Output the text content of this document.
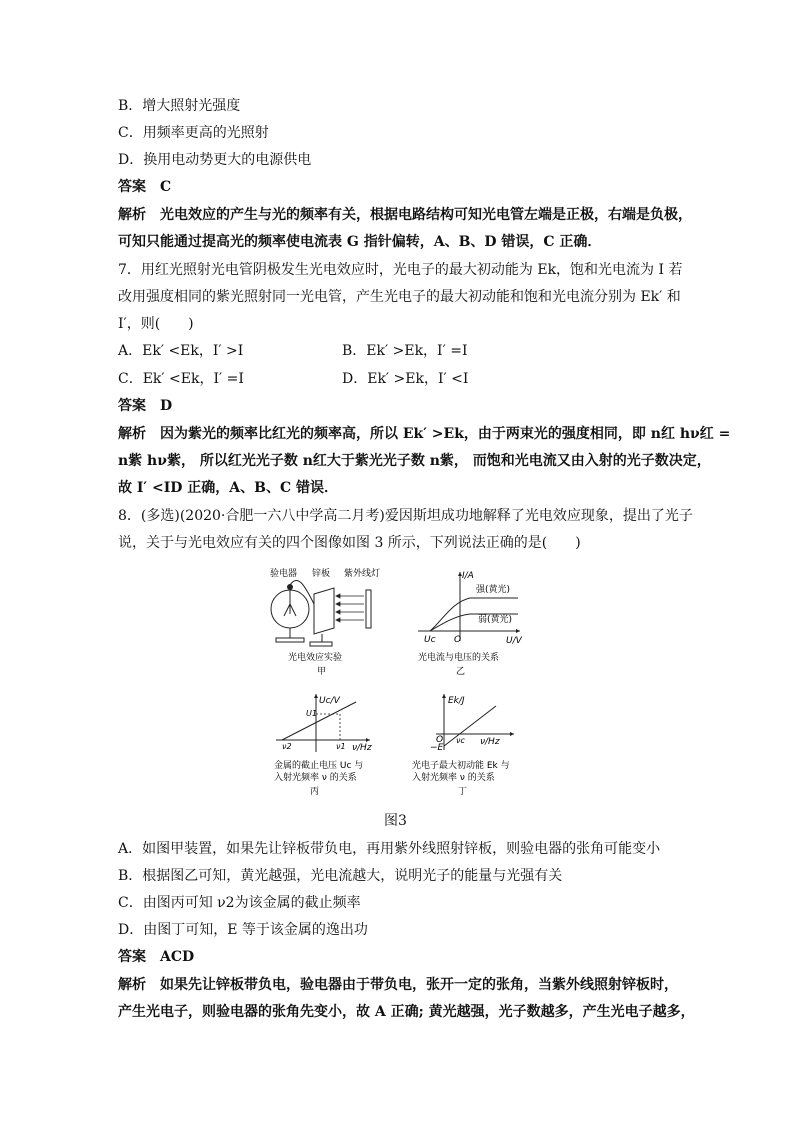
B．增大照射光强度
C．用频率更高的光照射
D．换用电动势更大的电源供电
答案　C
解析　光电效应的产生与光的频率有关，根据电路结构可知光电管左端是正极，右端是负极，
可知只能通过提高光的频率使电流表 G 指针偏转，A、B、D 错误，C 正确．
7．用红光照射光电管阴极发生光电效应时，光电子的最大初动能为 Ek，饱和光电流为 I 若
改用强度相同的紫光照射同一光电管，产生光电子的最大初动能和饱和光电流分别为 Ek′ 和
I′，则(　　)
A．Ek′ <Ek，I′ >I	B．Ek′ >Ek，I′ =I
C．Ek′ <Ek，I′ =I	D．Ek′ >Ek，I′ <I
答案　D
解析　因为紫光的频率比红光的频率高，所以 Ek′ >Ek，由于两束光的强度相同，即 n红 hν红 =
n紫 hν紫， 所以红光光子数 n红大于紫光光子数 n紫， 而饱和光电流又由入射的光子数决定，
故 I′ <ID 正确，A、B、C 错误．
8．(多选)(2020·合肥一六八中学高二月考)爱因斯坦成功地解释了光电效应现象，提出了光子
说，关于与光电效应有关的四个图像如图 3 所示，下列说法正确的是(　　)
验电器 锌板 紫外线灯
光电效应实验
甲
I/A
U/V
O
Uc
强(黄光)
弱(黄光)
光电流与电压的关系
乙
Uc/V
U1
ν1
ν2	ν/Hz
金属的截止电压 Uc 与
入射光频率 ν 的关系
丙
Ek/J
O νc
−E
ν/Hz
光电子最大初动能 Ek 与
入射光频率 ν 的关系
丁
图3
A．如图甲装置，如果先让锌板带负电，再用紫外线照射锌板，则验电器的张角可能变小
B．根据图乙可知，黄光越强，光电流越大，说明光子的能量与光强有关
C．由图丙可知 ν2为该金属的截止频率
D．由图丁可知，E 等于该金属的逸出功
答案　ACD
解析　如果先让锌板带负电，验电器由于带负电，张开一定的张角，当紫外线照射锌板时，
产生光电子，则验电器的张角先变小，故 A 正确; 黄光越强，光子数越多，产生光电子越多，
